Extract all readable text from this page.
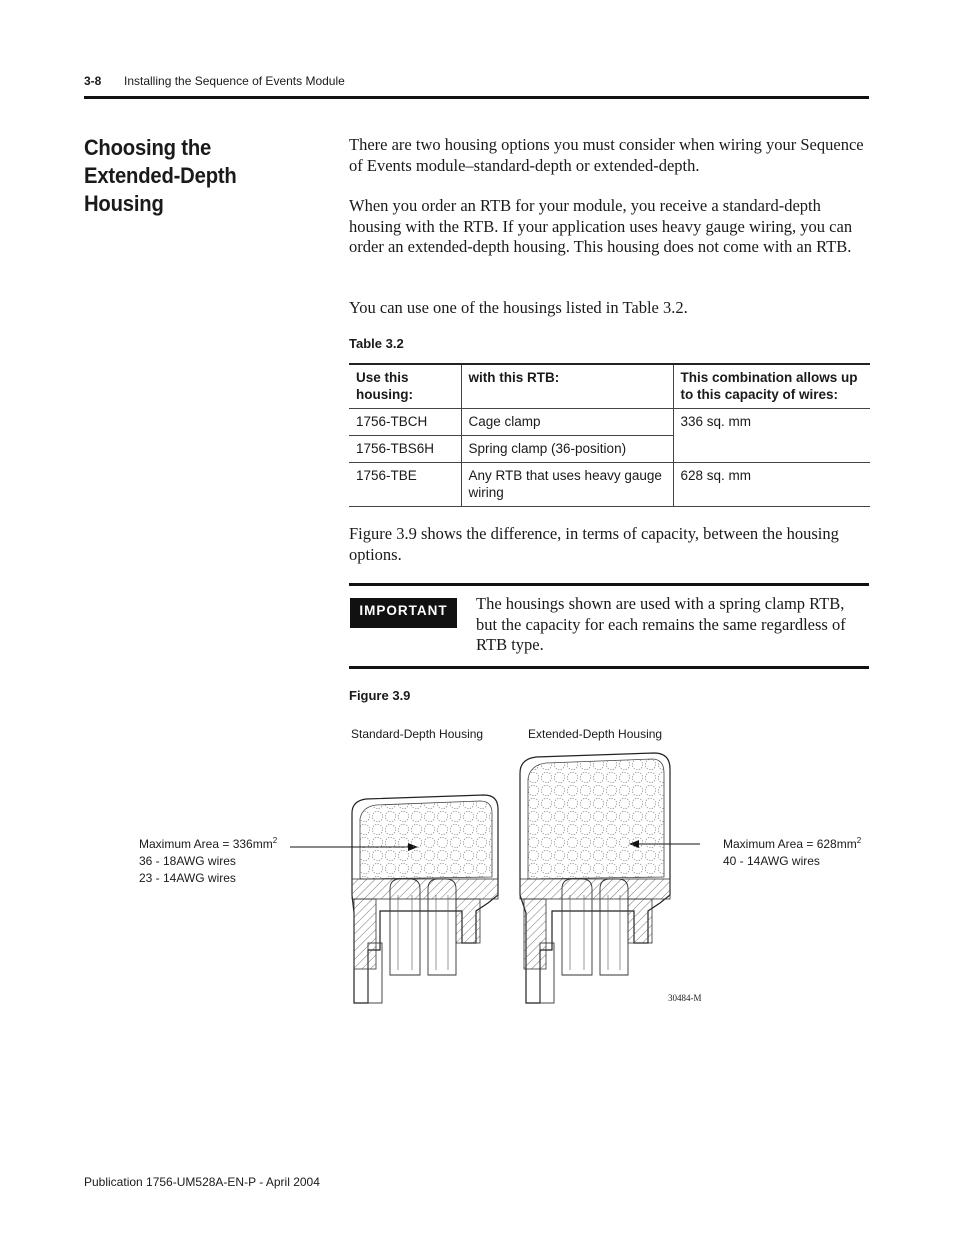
3-8 Installing the Sequence of Events Module
Choosing the
Extended-Depth Housing
There are two housing options you must consider when wiring your Sequence of Events module–standard-depth or extended-depth.
When you order an RTB for your module, you receive a standard-depth housing with the RTB. If your application uses heavy gauge wiring, you can order an extended-depth housing. This housing does not come with an RTB.
You can use one of the housings listed in Table 3.2.
Table 3.2
Use this housing:	with this RTB:	This combination allows up to this capacity of wires:
1756-TBCH	Cage clamp	336 sq. mm
1756-TBS6H	Spring clamp (36-position)	
1756-TBE	Any RTB that uses heavy gauge wiring	628 sq. mm
Figure 3.9 shows the difference, in terms of capacity, between the housing options.
IMPORTANT	The housings shown are used with a spring clamp RTB, but the capacity for each remains the same regardless of RTB type.
Figure 3.9
Standard-Depth Housing	Extended-Depth Housing
Maximum Area = $336mm^2$
36 - 18AWG wires
23 - 14AWG wires
Maximum Area = $628mm^2$
40 - 14AWG wires
30484-M
Publication 1756-UM528A-EN-P - April 2004
